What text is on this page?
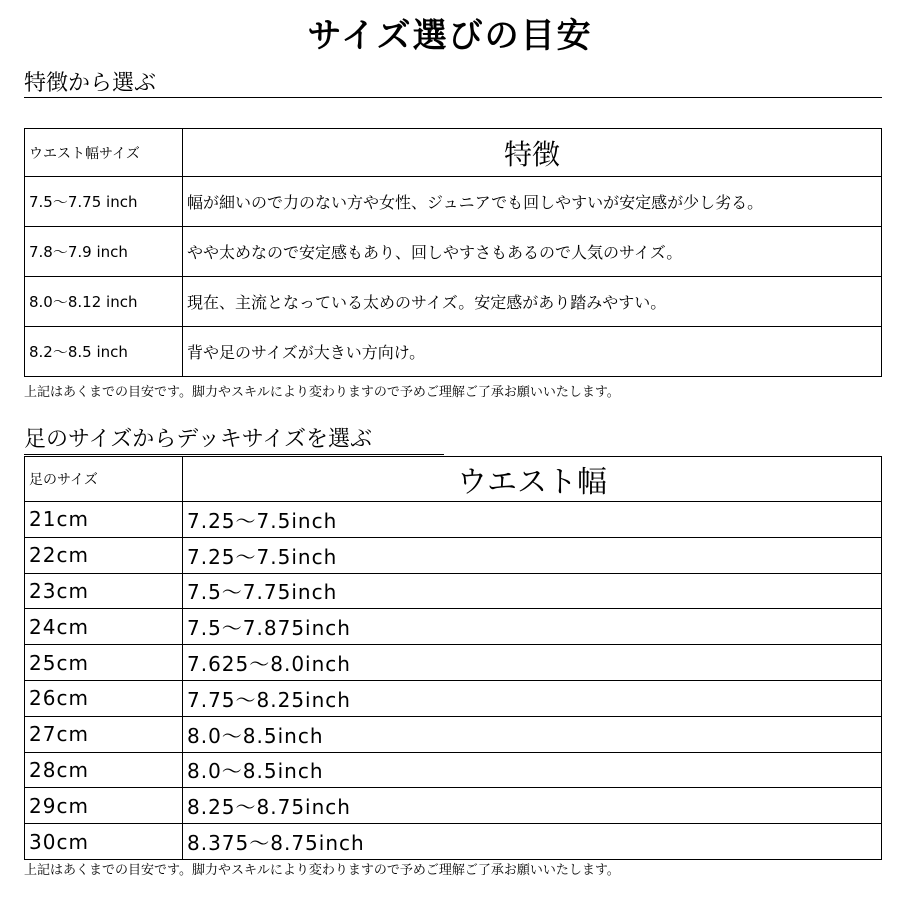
サイズ選びの目安
特徴から選ぶ
ウエスト幅サイズ	特徴
7.5〜7.75 inch	幅が細いので力のない方や女性、ジュニアでも回しやすいが安定感が少し劣る。
7.8〜7.9 inch	やや太めなので安定感もあり、回しやすさもあるので人気のサイズ。
8.0〜8.12 inch	現在、主流となっている太めのサイズ。安定感があり踏みやすい。
8.2〜8.5 inch	背や足のサイズが大きい方向け。
上記はあくまでの目安です。脚力やスキルにより変わりますので予めご理解ご了承お願いいたします。
足のサイズからデッキサイズを選ぶ
足のサイズ	ウエスト幅
21cm	7.25〜7.5inch
22cm	7.25〜7.5inch
23cm	7.5〜7.75inch
24cm	7.5〜7.875inch
25cm	7.625〜8.0inch
26cm	7.75〜8.25inch
27cm	8.0〜8.5inch
28cm	8.0〜8.5inch
29cm	8.25〜8.75inch
30cm	8.375〜8.75inch
上記はあくまでの目安です。脚力やスキルにより変わりますので予めご理解ご了承お願いいたします。
